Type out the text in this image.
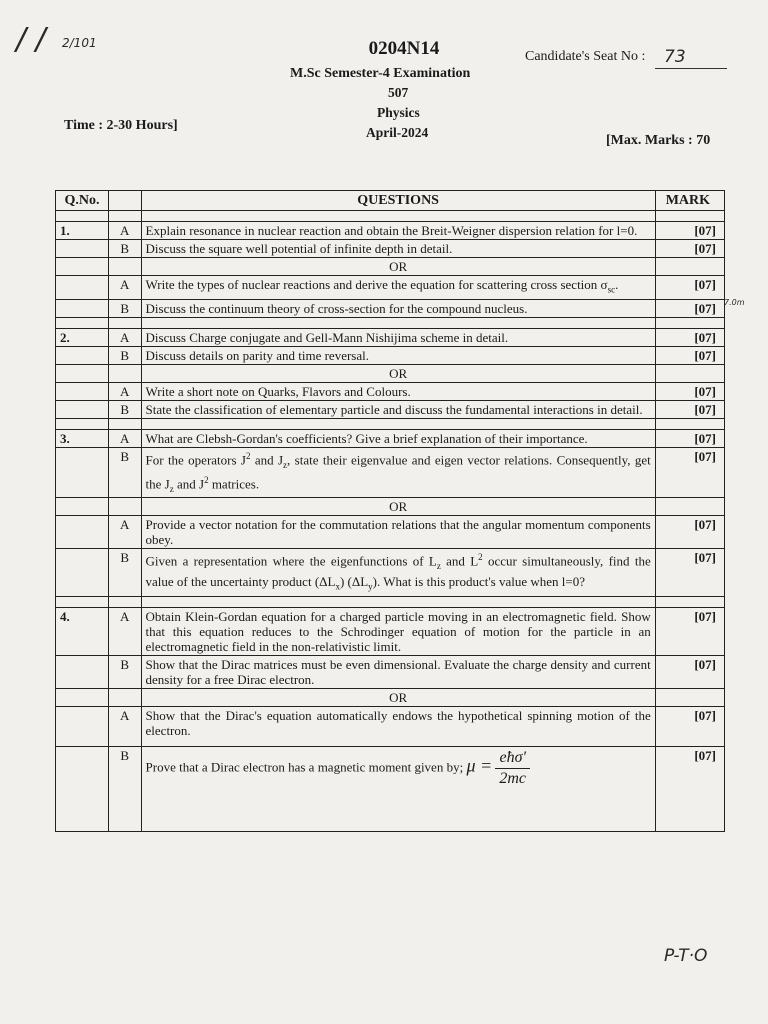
/ / 2/101	0204N14	Candidate's Seat No : 73
M.Sc Semester-4 Examination
507
Physics
April-2024
Time : 2-30 Hours]
[Max. Marks : 70
7.0m
Q.No.		QUESTIONS	MARK

1.	A	Explain resonance in nuclear reaction and obtain the Breit-Weigner dispersion relation for l=0.	[07]
	B	Discuss the square well potential of infinite depth in detail.	[07]
		OR	
	A	Write the types of nuclear reactions and derive the equation for scattering cross section $\sigma_{sc}$.	[07]
	B	Discuss the continuum theory of cross-section for the compound nucleus.	[07]

2.	A	Discuss Charge conjugate and Gell-Mann Nishijima scheme in detail.	[07]
	B	Discuss details on parity and time reversal.	[07]
		OR	
	A	Write a short note on Quarks, Flavors and Colours.	[07]
	B	State the classification of elementary particle and discuss the fundamental interactions in detail.	[07]

3.	A	What are Clebsh-Gordan's coefficients? Give a brief explanation of their importance.	[07]
	B	For the operators $J^2$ and $J_z$, state their eigenvalue and eigen vector relations. Consequently, get the $J_z$ and $J^2$ matrices.	[07]
		OR	
	A	Provide a vector notation for the commutation relations that the angular momentum components obey.	[07]
	B	Given a representation where the eigenfunctions of $L_z$ and $L^2$ occur simultaneously, find the value of the uncertainty product $(\Delta L_x)$ $(\Delta L_y)$. What is this product's value when l=0?	[07]

4.	A	Obtain Klein-Gordan equation for a charged particle moving in an electromagnetic field. Show that this equation reduces to the Schrodinger equation of motion for the particle in an electromagnetic field in the non-relativistic limit.	[07]
	B	Show that the Dirac matrices must be even dimensional. Evaluate the charge density and current density for a free Dirac electron.	[07]
		OR	
	A	Show that the Dirac's equation automatically endows the hypothetical spinning motion of the electron.	[07]
	B	Prove that a Dirac electron has a magnetic moment given by; $\mu = \frac{\text{eħσ'}}{2mc}$	[07]
P-T·O
